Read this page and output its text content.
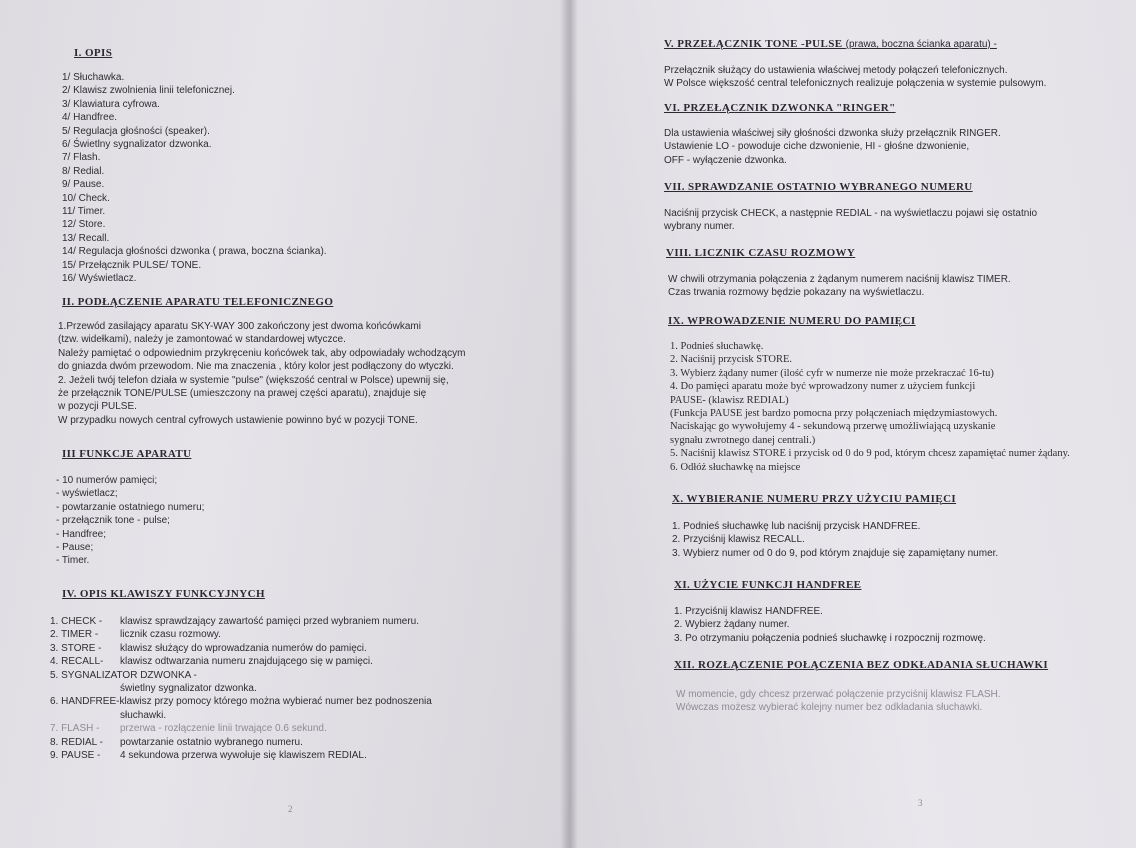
I. OPIS

1/ Słuchawka.

2/ Klawisz zwolnienia linii telefonicznej.

3/ Klawiatura cyfrowa.

4/ Handfree.

5/ Regulacja głośności (speaker).

6/ Świetlny sygnalizator dzwonka.

7/ Flash.

8/ Redial.

9/ Pause.

10/ Check.

11/ Timer.

12/ Store.

13/ Recall.

14/ Regulacja głośności dzwonka ( prawa, boczna ścianka).

15/ Przełącznik PULSE/ TONE.

16/ Wyświetlacz.

II. PODŁĄCZENIE APARATU TELEFONICZNEGO

1.Przewód zasilający aparatu SKY-WAY 300 zakończony jest dwoma końcówkami

(tzw. widełkami), należy je zamontować w standardowej wtyczce.

Należy pamiętać o odpowiednim przykręceniu końcówek tak, aby odpowiadały wchodzącym

do gniazda dwóm przewodom. Nie ma znaczenia , który kolor jest podłączony do wtyczki.

2. Jeżeli twój telefon działa w systemie "pulse" (większość central w Polsce) upewnij się,

że przełącznik TONE/PULSE (umieszczony na prawej części aparatu), znajduje się

w pozycji PULSE.

W przypadku nowych central cyfrowych ustawienie powinno być w pozycji TONE.

III FUNKCJE APARATU

- 10 numerów pamięci;

- wyświetlacz;

- powtarzanie ostatniego numeru;

- przełącznik tone - pulse;

- Handfree;

- Pause;

- Timer.

IV. OPIS KLAWISZY FUNKCYJNYCH

1. CHECK -	klawisz sprawdzający zawartość pamięci przed wybraniem numeru.
2. TIMER -	licznik czasu rozmowy.
3. STORE -	klawisz służący do wprowadzania numerów do pamięci.
4. RECALL-	klawisz odtwarzania numeru znajdującego się w pamięci.
5. SYGNALIZATOR DZWONKA -
świetlny sygnalizator dzwonka.
6. HANDFREE- klawisz przy pomocy którego można wybierać numer bez podnoszenia
słuchawki.
7. FLASH -	przerwa - rozłączenie linii trwające 0.6 sekund.
8. REDIAL -	powtarzanie ostatnio wybranego numeru.
9. PAUSE -	4 sekundowa przerwa wywołuje się klawiszem REDIAL.
2

V. PRZEŁĄCZNIK TONE -PULSE (prawa, boczna ścianka aparatu) -

Przełącznik służący do ustawienia właściwej metody połączeń telefonicznych.

W Polsce większość central telefonicznych realizuje połączenia w systemie pulsowym.

VI. PRZEŁĄCZNIK DZWONKA "RINGER"

Dla ustawienia właściwej siły głośności dzwonka służy przełącznik RINGER.

Ustawienie LO - powoduje ciche dzwonienie, HI - głośne dzwonienie,

OFF - wyłączenie dzwonka.

VII. SPRAWDZANIE OSTATNIO WYBRANEGO NUMERU

Naciśnij przycisk CHECK, a następnie REDIAL - na wyświetlaczu pojawi się ostatnio

wybrany numer.

VIII. LICZNIK CZASU ROZMOWY

W chwili otrzymania połączenia z żądanym numerem naciśnij klawisz TIMER.

Czas trwania rozmowy będzie pokazany na wyświetlaczu.

IX. WPROWADZENIE NUMERU DO PAMIĘCI

1. Podnieś słuchawkę.

2. Naciśnij przycisk STORE.

3. Wybierz żądany numer (ilość cyfr w numerze nie może przekraczać 16-tu)

4. Do pamięci aparatu może być wprowadzony numer z użyciem funkcji

PAUSE- (klawisz REDIAL)

(Funkcja PAUSE jest bardzo pomocna przy połączeniach międzymiastowych.

Naciskając go wywołujemy 4 - sekundową przerwę umożliwiającą uzyskanie

sygnału zwrotnego danej centrali.)

5. Naciśnij klawisz STORE i przycisk od 0 do 9 pod, którym chcesz zapamiętać numer żądany.

6. Odłóż słuchawkę na miejsce

X. WYBIERANIE NUMERU PRZY UŻYCIU PAMIĘCI

1. Podnieś słuchawkę lub naciśnij przycisk HANDFREE.

2. Przyciśnij klawisz RECALL.

3. Wybierz numer od 0 do 9, pod którym znajduje się zapamiętany numer.

XI. UŻYCIE FUNKCJI HANDFREE

1. Przyciśnij klawisz HANDFREE.

2. Wybierz żądany numer.

3. Po otrzymaniu połączenia podnieś słuchawkę i rozpocznij rozmowę.

XII. ROZŁĄCZENIE POŁĄCZENIA BEZ ODKŁADANIA SŁUCHAWKI

W momencie, gdy chcesz przerwać połączenie przyciśnij klawisz FLASH.

Wówczas możesz wybierać kolejny numer bez odkładania słuchawki.

3
